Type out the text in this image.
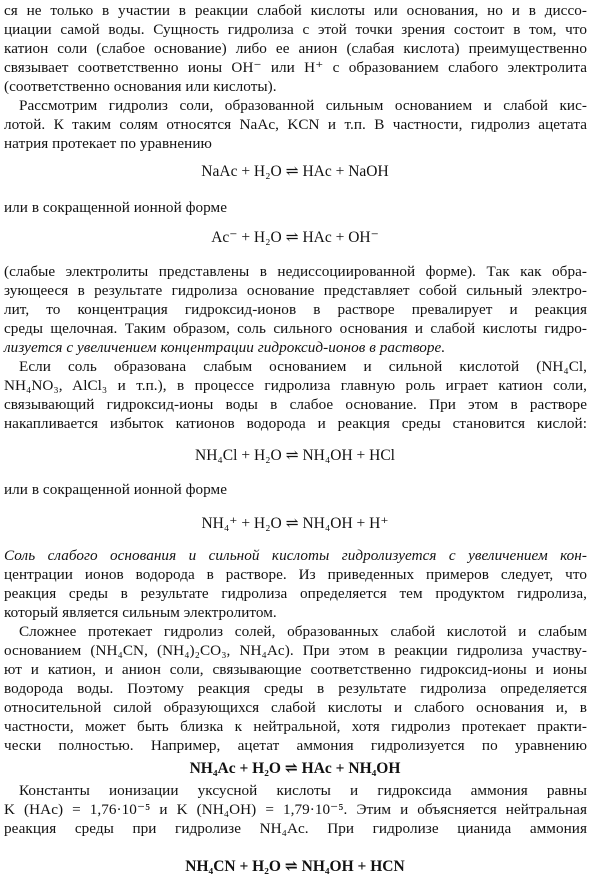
ся не только в участии в реакции слабой кислоты или основания, но и в диссо-
циации самой воды. Сущность гидролиза с этой точки зрения состоит в том, что
катион соли (слабое основание) либо ее анион (слабая кислота) преимущественно
связывает соответственно ионы OH⁻ или H⁺ с образованием слабого электролита
(соответственно основания или кислоты).
Рассмотрим гидролиз соли, образованной сильным основанием и слабой кис-
лотой. К таким солям относятся NaAc, KCN и т.п. В частности, гидролиз ацетата
натрия протекает по уравнению
или в сокращенной ионной форме
(слабые электролиты представлены в недиссоциированной форме). Так как обра-
зующееся в результате гидролиза основание представляет собой сильный электро-
лит, то концентрация гидроксид-ионов в растворе превалирует и реакция
среды щелочная. Таким образом, соль сильного основания и слабой кислоты гидро-
лизуется с увеличением концентрации гидроксид-ионов в растворе.
Если соль образована слабым основанием и сильной кислотой (NH₄Cl,
NH₄NO₃, AlCl₃ и т.п.), в процессе гидролиза главную роль играет катион соли,
связывающий гидроксид-ионы воды в слабое основание. При этом в растворе
накапливается избыток катионов водорода и реакция среды становится кислой:
или в сокращенной ионной форме
Соль слабого основания и сильной кислоты гидролизуется с увеличением кон-
центрации ионов водорода в растворе. Из приведенных примеров следует, что
реакция среды в результате гидролиза определяется тем продуктом гидролиза,
который является сильным электролитом.
Сложнее протекает гидролиз солей, образованных слабой кислотой и слабым
основанием (NH₄CN, (NH₄)₂CO₃, NH₄Ac). При этом в реакции гидролиза участву-
ют и катион, и анион соли, связывающие соответственно гидроксид-ионы и ионы
водорода воды. Поэтому реакция среды в результате гидролиза определяется
относительной силой образующихся слабой кислоты и слабого основания и, в
частности, может быть близка к нейтральной, хотя гидролиз протекает практи-
чески полностью. Например, ацетат аммония гидролизуется по уравнению
Константы ионизации уксусной кислоты и гидроксида аммония равны
K (HAc) = 1,76·10⁻⁵ и K (NH₄OH) = 1,79·10⁻⁵. Этим и объясняется нейтральная
реакция среды при гидролизе NH₄Ac. При гидролизе цианида аммония
NaAc + H₂O ⇌ HAc + NaOH
Ac⁻ + H₂O ⇌ HAc + OH⁻
NH₄Cl + H₂O ⇌ NH₄OH + HCl
NH₄⁺ + H₂O ⇌ NH₄OH + H⁺
NH₄Ac + H₂O ⇌ HAc + NH₄OH
NH₄CN + H₂O ⇌ NH₄OH + HCN
